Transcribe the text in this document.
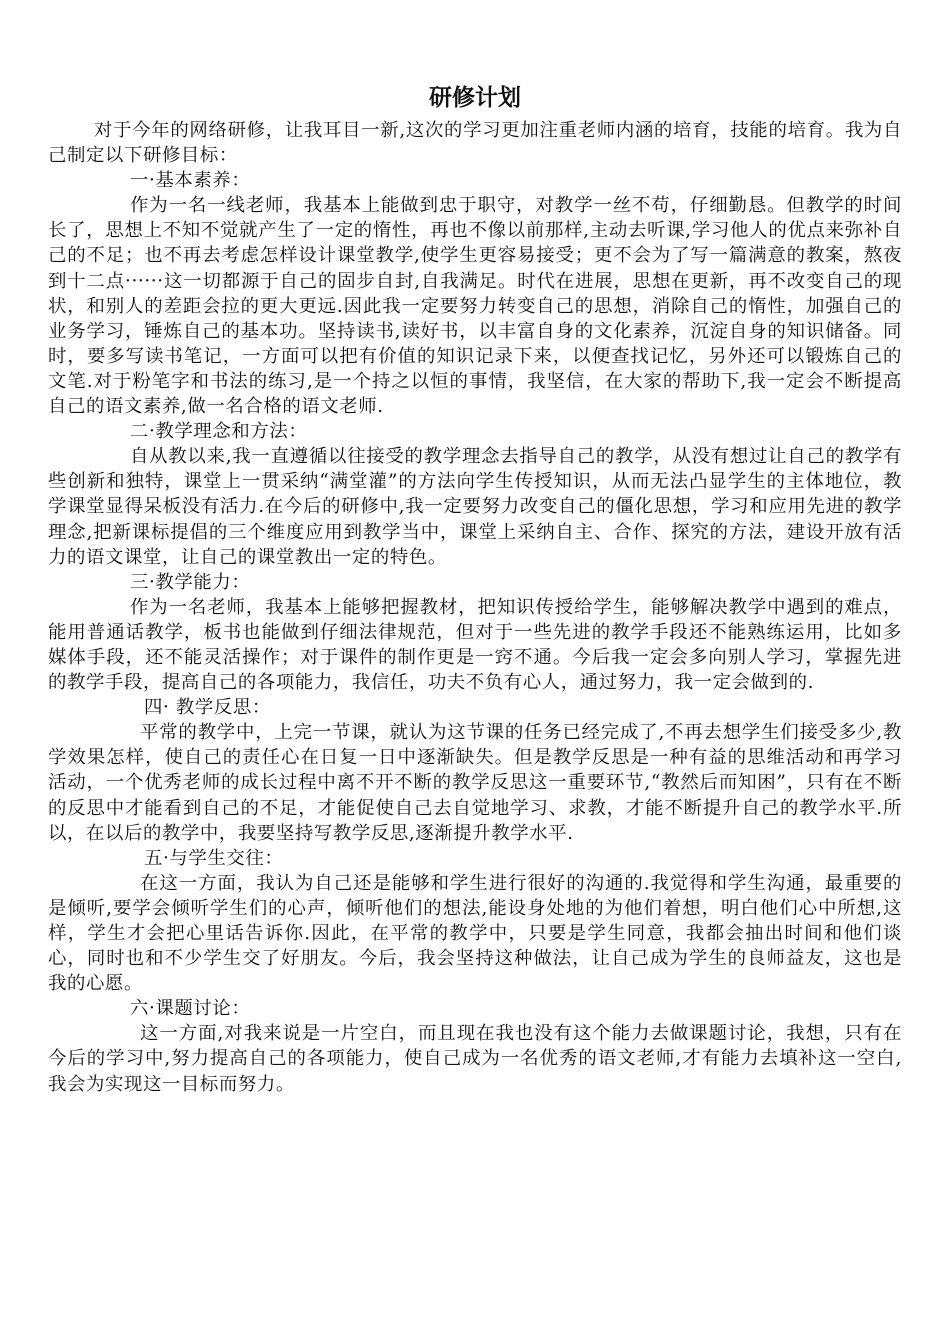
研修计划

对于今年的网络研修，让我耳目一新,这次的学习更加注重老师内涵的培育，技能的培育。我为自己制定以下研修目标：

一·基本素养：

作为一名一线老师，我基本上能做到忠于职守，对教学一丝不苟，仔细勤恳。但教学的时间长了，思想上不知不觉就产生了一定的惰性，再也不像以前那样,主动去听课,学习他人的优点来弥补自己的不足；也不再去考虑怎样设计课堂教学,使学生更容易接受；更不会为了写一篇满意的教案，熬夜到十二点······这一切都源于自己的固步自封,自我满足。时代在进展，思想在更新，再不改变自己的现状，和别人的差距会拉的更大更远.因此我一定要努力转变自己的思想，消除自己的惰性，加强自己的业务学习，锤炼自己的基本功。坚持读书,读好书，以丰富自身的文化素养，沉淀自身的知识储备。同时，要多写读书笔记，一方面可以把有价值的知识记录下来，以便查找记忆，另外还可以锻炼自己的文笔.对于粉笔字和书法的练习,是一个持之以恒的事情，我坚信，在大家的帮助下,我一定会不断提高自己的语文素养,做一名合格的语文老师.

二·教学理念和方法：

自从教以来,我一直遵循以往接受的教学理念去指导自己的教学，从没有想过让自己的教学有些创新和独特，课堂上一贯采纳“满堂灌”的方法向学生传授知识，从而无法凸显学生的主体地位，教学课堂显得呆板没有活力.在今后的研修中,我一定要努力改变自己的僵化思想，学习和应用先进的教学理念,把新课标提倡的三个维度应用到教学当中，课堂上采纳自主、合作、探究的方法，建设开放有活力的语文课堂，让自己的课堂教出一定的特色。

三·教学能力：

作为一名老师，我基本上能够把握教材，把知识传授给学生，能够解决教学中遇到的难点，能用普通话教学，板书也能做到仔细法律规范，但对于一些先进的教学手段还不能熟练运用，比如多媒体手段，还不能灵活操作；对于课件的制作更是一窍不通。今后我一定会多向别人学习，掌握先进的教学手段，提高自己的各项能力，我信任，功夫不负有心人，通过努力，我一定会做到的.

四· 教学反思：

平常的教学中，上完一节课，就认为这节课的任务已经完成了,不再去想学生们接受多少,教学效果怎样，使自己的责任心在日复一日中逐渐缺失。但是教学反思是一种有益的思维活动和再学习活动，一个优秀老师的成长过程中离不开不断的教学反思这一重要环节,“教然后而知困”，只有在不断的反思中才能看到自己的不足，才能促使自己去自觉地学习、求教，才能不断提升自己的教学水平.所以，在以后的教学中，我要坚持写教学反思,逐渐提升教学水平.

五·与学生交往：

在这一方面，我认为自己还是能够和学生进行很好的沟通的.我觉得和学生沟通，最重要的是倾听,要学会倾听学生们的心声，倾听他们的想法,能设身处地的为他们着想，明白他们心中所想,这样，学生才会把心里话告诉你.因此，在平常的教学中，只要是学生同意，我都会抽出时间和他们谈心，同时也和不少学生交了好朋友。今后，我会坚持这种做法，让自己成为学生的良师益友，这也是我的心愿。

六·课题讨论：

这一方面,对我来说是一片空白，而且现在我也没有这个能力去做课题讨论，我想，只有在今后的学习中,努力提高自己的各项能力，使自己成为一名优秀的语文老师,才有能力去填补这一空白,我会为实现这一目标而努力。
